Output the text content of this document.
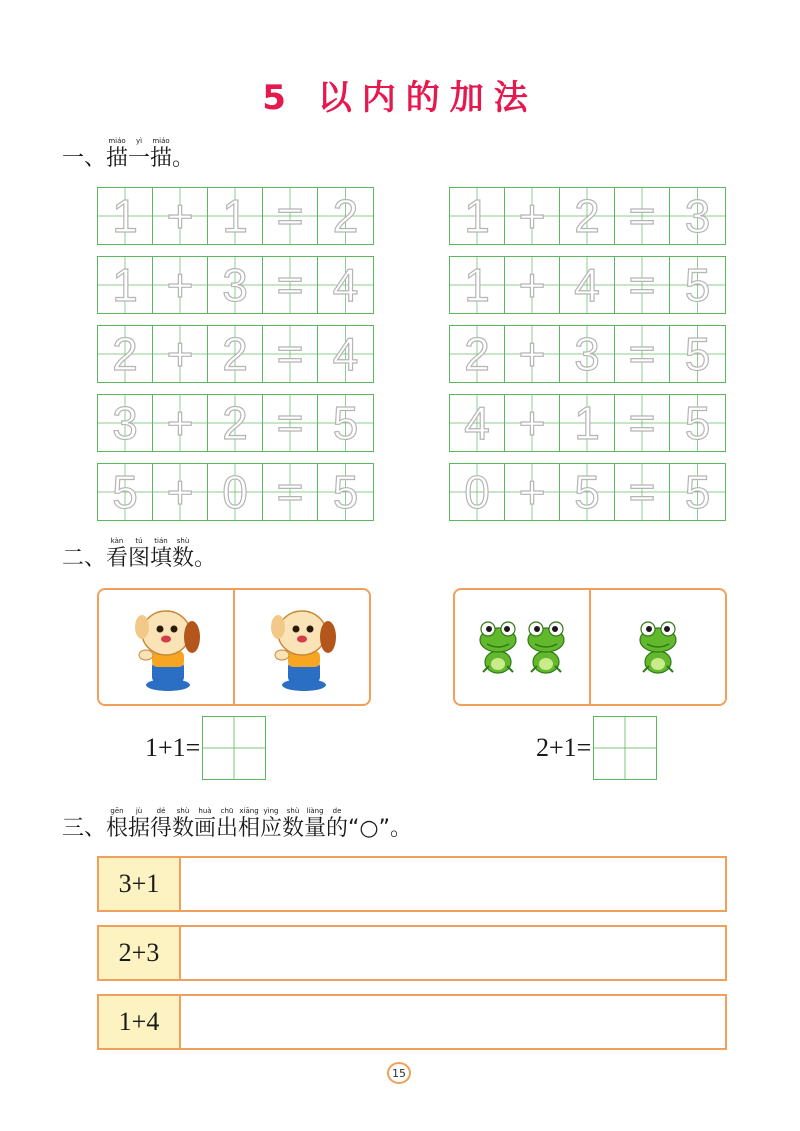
5 以内的加法
一、
miáo
描
yì
一
miáo
描 。
1 + 1 = 2 1 + 2 = 3
1 + 3 = 4 1 + 4 = 5
2 + 2 = 4 2 + 3 = 5
3 + 2 = 5 4 + 1 = 5
5 + 0 = 5 0 + 5 = 5
二、
kàn
看
tú
图
tián
填
shù
数 。
1+1=	2+1=
三、
gēn
根
jù
据
dé
得
shù
数
huà
画
chū
出
xiāng
相
yìng
应
shù
数
liàng
量
de
的 “○”。
3+1
2+3
1+4
15
